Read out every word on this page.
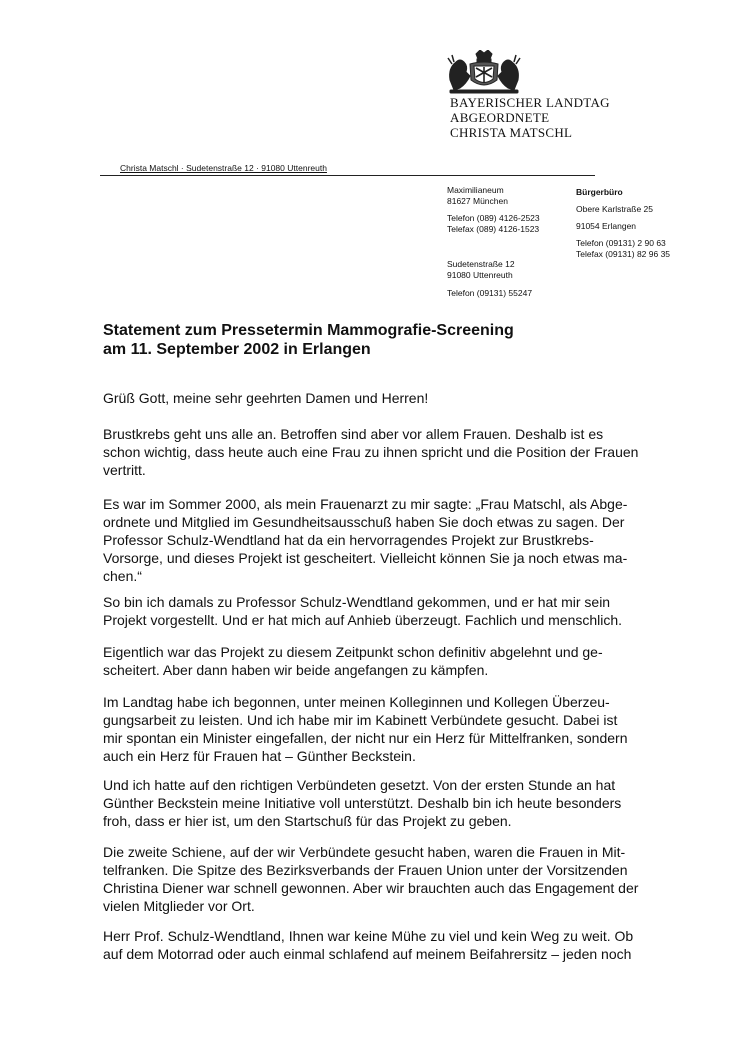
BAYERISCHER LANDTAG
ABGEORDNETE
CHRISTA MATSCHL
Christa Matschl · Sudetenstraße 12 · 91080 Uttenreuth
Maximilianeum
81627 München
Telefon (089) 4126-2523
Telefax (089) 4126-1523
Sudetenstraße 12
91080 Uttenreuth
Telefon (09131) 55247
Bürgerbüro
Obere Karlstraße 25
91054 Erlangen
Telefon (09131) 2 90 63
Telefax (09131) 82 96 35
Statement zum Pressetermin Mammografie-Screening
am 11. September 2002 in Erlangen

Grüß Gott, meine sehr geehrten Damen und Herren!

Brustkrebs geht uns alle an. Betroffen sind aber vor allem Frauen. Deshalb ist es

schon wichtig, dass heute auch eine Frau zu ihnen spricht und die Position der Frauen

vertritt.

Es war im Sommer 2000, als mein Frauenarzt zu mir sagte: „Frau Matschl, als Abge-

ordnete und Mitglied im Gesundheitsausschuß haben Sie doch etwas zu sagen. Der

Professor Schulz-Wendtland hat da ein hervorragendes Projekt zur Brustkrebs-

Vorsorge, und dieses Projekt ist gescheitert. Vielleicht können Sie ja noch etwas ma-

chen.“

So bin ich damals zu Professor Schulz-Wendtland gekommen, und er hat mir sein

Projekt vorgestellt. Und er hat mich auf Anhieb überzeugt. Fachlich und menschlich.

Eigentlich war das Projekt zu diesem Zeitpunkt schon definitiv abgelehnt und ge-

scheitert. Aber dann haben wir beide angefangen zu kämpfen.

Im Landtag habe ich begonnen, unter meinen Kolleginnen und Kollegen Überzeu-

gungsarbeit zu leisten. Und ich habe mir im Kabinett Verbündete gesucht. Dabei ist

mir spontan ein Minister eingefallen, der nicht nur ein Herz für Mittelfranken, sondern

auch ein Herz für Frauen hat – Günther Beckstein.

Und ich hatte auf den richtigen Verbündeten gesetzt. Von der ersten Stunde an hat

Günther Beckstein meine Initiative voll unterstützt. Deshalb bin ich heute besonders

froh, dass er hier ist, um den Startschuß für das Projekt zu geben.

Die zweite Schiene, auf der wir Verbündete gesucht haben, waren die Frauen in Mit-

telfranken. Die Spitze des Bezirksverbands der Frauen Union unter der Vorsitzenden

Christina Diener war schnell gewonnen. Aber wir brauchten auch das Engagement der

vielen Mitglieder vor Ort.

Herr Prof. Schulz-Wendtland, Ihnen war keine Mühe zu viel und kein Weg zu weit. Ob

auf dem Motorrad oder auch einmal schlafend auf meinem Beifahrersitz – jeden noch
